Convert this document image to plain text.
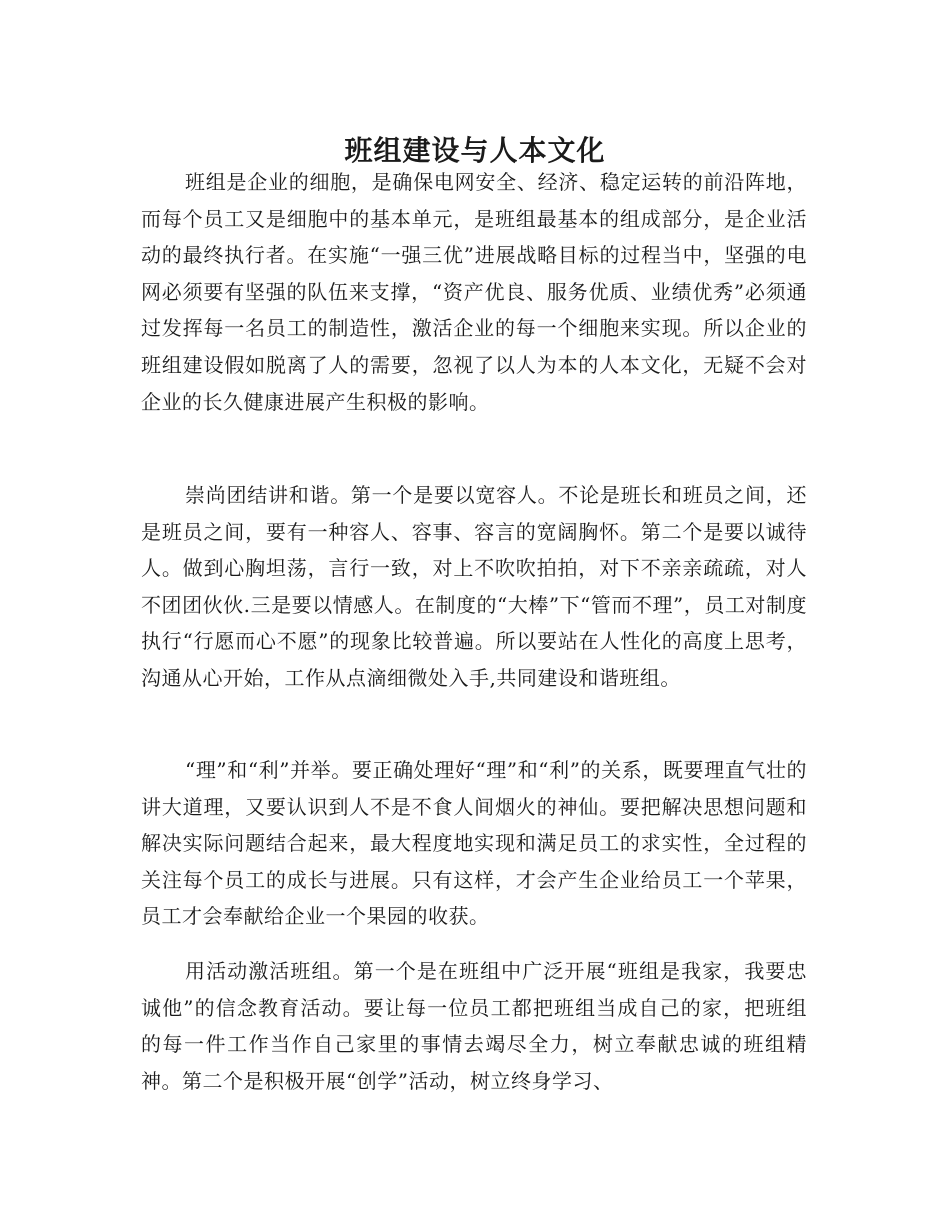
班组建设与人本文化

班组是企业的细胞，是确保电网安全、经济、稳定运转的前沿阵地，而每个员工又是细胞中的基本单元，是班组最基本的组成部分，是企业活动的最终执行者。在实施“一强三优”进展战略目标的过程当中，坚强的电网必须要有坚强的队伍来支撑，“资产优良、服务优质、业绩优秀”必须通过发挥每一名员工的制造性，激活企业的每一个细胞来实现。所以企业的班组建设假如脱离了人的需要，忽视了以人为本的人本文化，无疑不会对企业的长久健康进展产生积极的影响。

崇尚团结讲和谐。第一个是要以宽容人。不论是班长和班员之间，还是班员之间，要有一种容人、容事、容言的宽阔胸怀。第二个是要以诚待人。做到心胸坦荡，言行一致，对上不吹吹拍拍，对下不亲亲疏疏，对人不团团伙伙.三是要以情感人。在制度的“大棒”下“管而不理”，员工对制度执行“行愿而心不愿”的现象比较普遍。所以要站在人性化的高度上思考，沟通从心开始，工作从点滴细微处入手,共同建设和谐班组。

“理”和“利”并举。要正确处理好“理”和“利”的关系，既要理直气壮的讲大道理，又要认识到人不是不食人间烟火的神仙。要把解决思想问题和解决实际问题结合起来，最大程度地实现和满足员工的求实性，全过程的关注每个员工的成长与进展。只有这样，才会产生企业给员工一个苹果，员工才会奉献给企业一个果园的收获。

用活动激活班组。第一个是在班组中广泛开展“班组是我家，我要忠诚他”的信念教育活动。要让每一位员工都把班组当成自己的家，把班组的每一件工作当作自己家里的事情去竭尽全力，树立奉献忠诚的班组精神。第二个是积极开展“创学”活动，树立终身学习、
